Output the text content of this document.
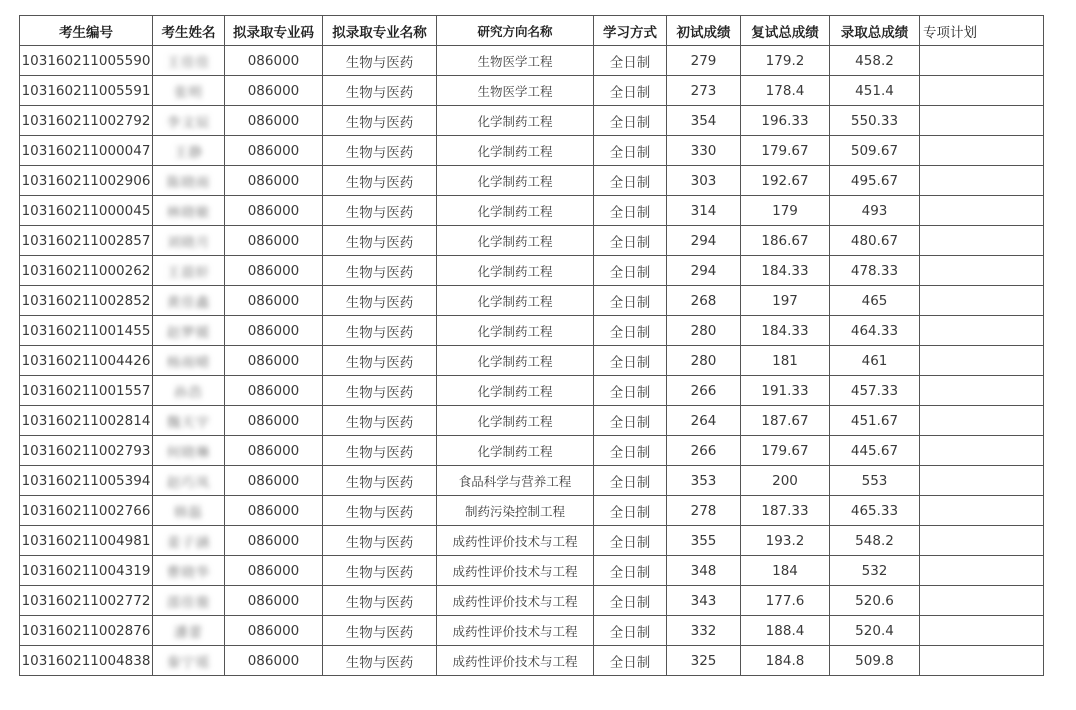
考生编号	考生姓名	拟录取专业码	拟录取专业名称	研究方向名称	学习方式	初试成绩	复试总成绩	录取总成绩	专项计划
103160211005590	王佳佳	086000	生物与医药	生物医学工程	全日制	279	179.2	458.2	
103160211005591	张明	086000	生物与医药	生物医学工程	全日制	273	178.4	451.4	
103160211002792	李文辰	086000	生物与医药	化学制药工程	全日制	354	196.33	550.33	
103160211000047	王静	086000	生物与医药	化学制药工程	全日制	330	179.67	509.67	
103160211002906	陈晓雨	086000	生物与医药	化学制药工程	全日制	303	192.67	495.67	
103160211000045	林晓敏	086000	生物与医药	化学制药工程	全日制	314	179	493	
103160211002857	刘晓月	086000	生物与医药	化学制药工程	全日制	294	186.67	480.67	
103160211000262	王晨轩	086000	生物与医药	化学制药工程	全日制	294	184.33	478.33	
103160211002852	黄佳鑫	086000	生物与医药	化学制药工程	全日制	268	197	465	
103160211001455	赵梦媛	086000	生物与医药	化学制药工程	全日制	280	184.33	464.33	
103160211004426	杨雨晴	086000	生物与医药	化学制药工程	全日制	280	181	461	
103160211001557	孙浩	086000	生物与医药	化学制药工程	全日制	266	191.33	457.33	
103160211002814	魏天宇	086000	生物与医药	化学制药工程	全日制	264	187.67	451.67	
103160211002793	何晓琳	086000	生物与医药	化学制药工程	全日制	266	179.67	445.67	
103160211005394	赵巧凤	086000	生物与医药	食品科学与营养工程	全日制	353	200	553	
103160211002766	韩磊	086000	生物与医药	制药污染控制工程	全日制	278	187.33	465.33	
103160211004981	姜子涵	086000	生物与医药	成药性评价技术与工程	全日制	355	193.2	548.2	
103160211004319	曹晓华	086000	生物与医药	成药性评价技术与工程	全日制	348	184	532	
103160211002772	邵佳骏	086000	生物与医药	成药性评价技术与工程	全日制	343	177.6	520.6	
103160211002876	潘蕾	086000	生物与医药	成药性评价技术与工程	全日制	332	188.4	520.4	
103160211004838	秦宁瑶	086000	生物与医药	成药性评价技术与工程	全日制	325	184.8	509.8	
